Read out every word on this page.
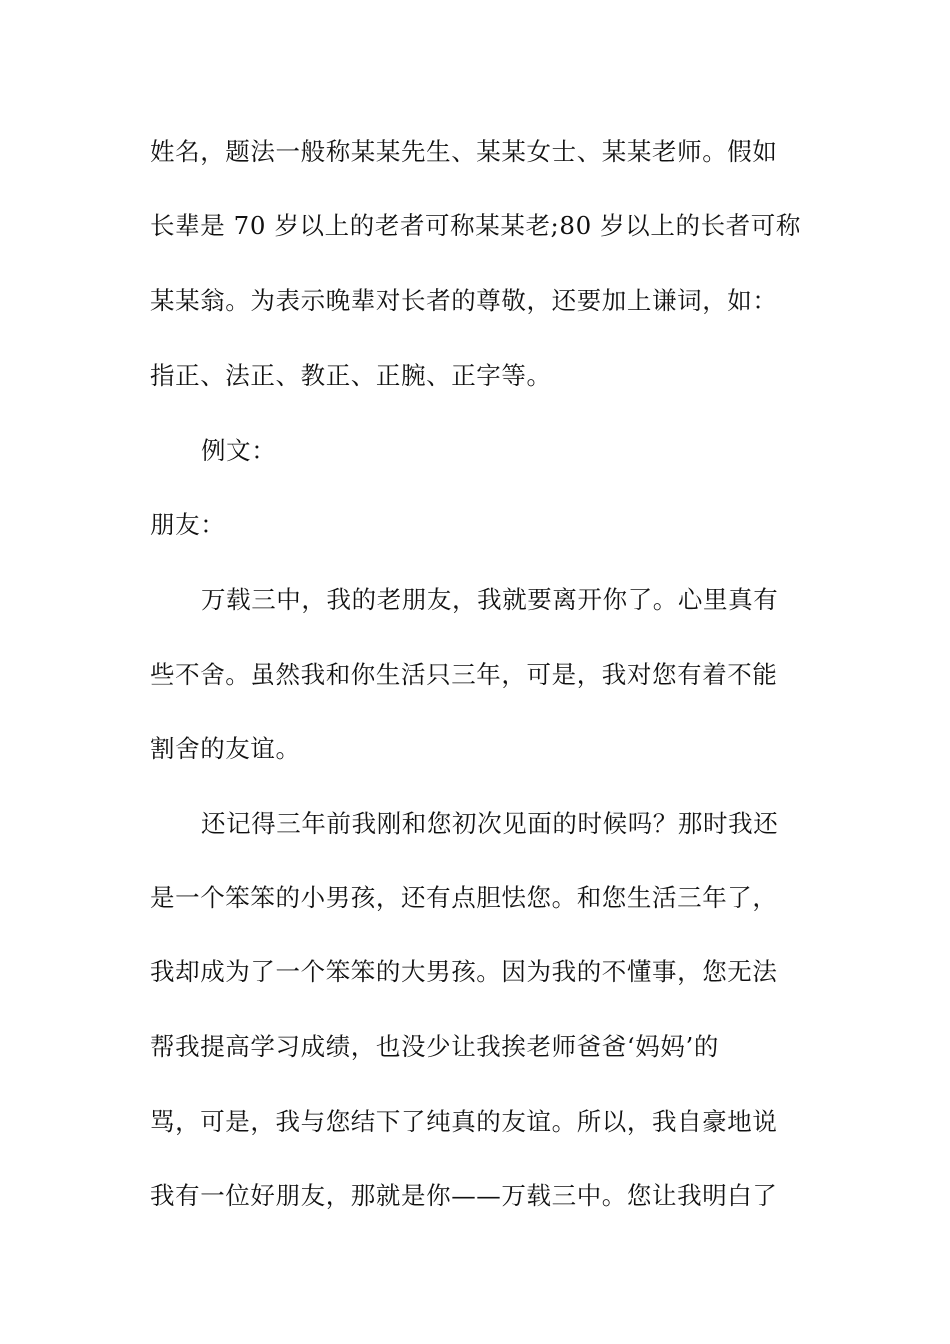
姓名，题法一般称某某先生、某某女士、某某老师。假如
长辈是 70 岁以上的老者可称某某老;80 岁以上的长者可称
某某翁。为表示晚辈对长者的尊敬，还要加上谦词，如：
指正、法正、教正、正腕、正字等。
例文：
朋友：
万载三中，我的老朋友，我就要离开你了。心里真有
些不舍。虽然我和你生活只三年，可是，我对您有着不能
割舍的友谊。
还记得三年前我刚和您初次见面的时候吗？那时我还
是一个笨笨的小男孩，还有点胆怯您。和您生活三年了，
我却成为了一个笨笨的大男孩。因为我的不懂事，您无法
帮我提高学习成绩，也没少让我挨老师爸爸‘妈妈’的
骂，可是，我与您结下了纯真的友谊。所以，我自豪地说
我有一位好朋友，那就是你——万载三中。您让我明白了
